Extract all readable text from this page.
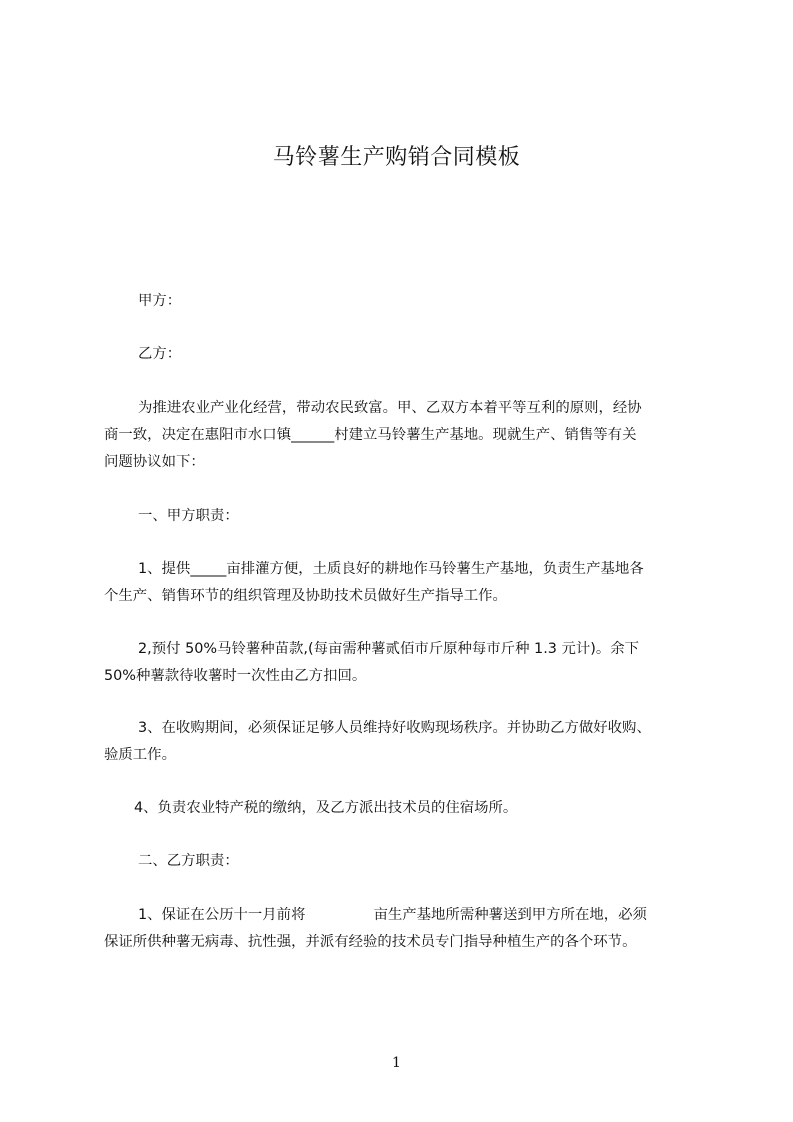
马铃薯生产购销合同模板

甲方：

乙方：

为推进农业产业化经营，带动农民致富。甲、乙双方本着平等互利的原则，经协
商一致，决定在惠阳市水口镇______村建立马铃薯生产基地。现就生产、销售等有关
问题协议如下：

一、甲方职责：

1、提供_____亩排灌方便，土质良好的耕地作马铃薯生产基地，负责生产基地各
个生产、销售环节的组织管理及协助技术员做好生产指导工作。

2,预付 50%马铃薯种苗款,(每亩需种薯贰佰市斤原种每市斤种 1.3 元计)。余下
50%种薯款待收薯时一次性由乙方扣回。

3、在收购期间，必须保证足够人员维持好收购现场秩序。并协助乙方做好收购、
验质工作。

4、负责农业特产税的缴纳，及乙方派出技术员的住宿场所。

二、乙方职责：

1、保证在公历十一月前将	亩生产基地所需种薯送到甲方所在地，必须
保证所供种薯无病毒、抗性强，并派有经验的技术员专门指导种植生产的各个环节。

1
